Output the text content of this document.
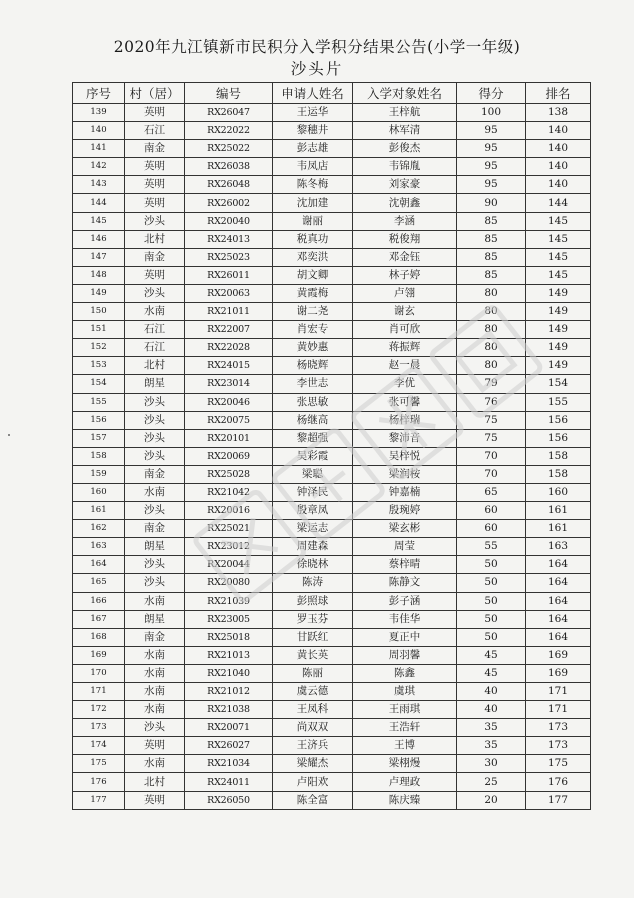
2020年九江镇新市民积分入学积分结果公告(小学一年级)
沙头片
序号	村（居）	编号	申请人姓名	入学对象姓名	得分	排名
139	英明	RX26047	王运华	王梓航	100	138
140	石江	RX22022	黎穗井	林军清	95	140
141	南金	RX25022	彭志雄	彭俊杰	95	140
142	英明	RX26038	韦凤店	韦锦胤	95	140
143	英明	RX26048	陈冬梅	刘家豪	95	140
144	英明	RX26002	沈加建	沈朝鑫	90	144
145	沙头	RX20040	谢丽	李涵	85	145
146	北村	RX24013	税真功	税俊翔	85	145
147	南金	RX25023	邓奕洪	邓金钰	85	145
148	英明	RX26011	胡文卿	林子婷	85	145
149	沙头	RX20063	黄霞梅	卢翎	80	149
150	水南	RX21011	谢二尧	谢玄	80	149
151	石江	RX22007	肖宏专	肖可欣	80	149
152	石江	RX22028	黄妙惠	蒋振辉	80	149
153	北村	RX24015	杨晓辉	赵一晨	80	149
154	朗星	RX23014	李世志	李优	79	154
155	沙头	RX20046	张思敏	张可馨	76	155
156	沙头	RX20075	杨继高	杨梓瑞	75	156
157	沙头	RX20101	黎超强	黎沛音	75	156
158	沙头	RX20069	吴彩霞	吴梓悦	70	158
159	南金	RX25028	梁聪	梁润桉	70	158
160	水南	RX21042	钟泽民	钟嘉楠	65	160
161	沙头	RX20016	殷章凤	殷琬婷	60	161
162	南金	RX25021	梁运志	梁玄彬	60	161
163	朗星	RX23012	周建森	周莹	55	163
164	沙头	RX20044	徐晓林	蔡梓晴	50	164
165	沙头	RX20080	陈涛	陈静文	50	164
166	水南	RX21039	彭照球	彭子涵	50	164
167	朗星	RX23005	罗玉芬	韦佳华	50	164
168	南金	RX25018	甘跃红	夏正中	50	164
169	水南	RX21013	黄长英	周羽馨	45	169
170	水南	RX21040	陈丽	陈鑫	45	169
171	水南	RX21012	虞云德	虞琪	40	171
172	水南	RX21038	王凤科	王雨琪	40	171
173	沙头	RX20071	尚双双	王浩轩	35	173
174	英明	RX26027	王济兵	王博	35	173
175	水南	RX21034	梁耀杰	梁栩熳	30	175
176	北村	RX24011	卢阳欢	卢理政	25	176
177	英明	RX26050	陈全富	陈庆臻	20	177
